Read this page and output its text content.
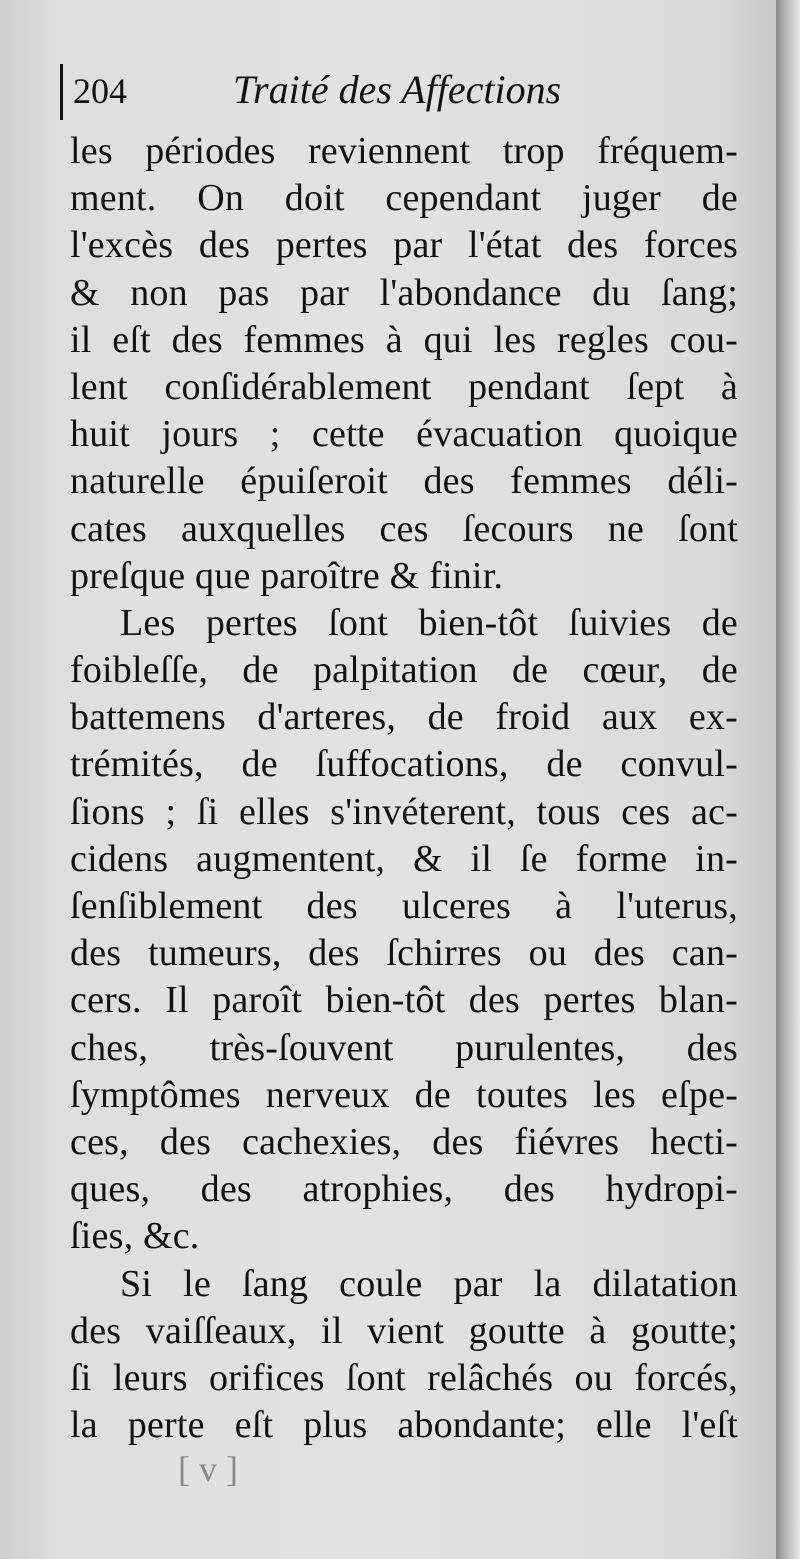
204	Traité des Affections
les périodes reviennent trop fréquem-
ment. On doit cependant juger de
l'excès des pertes par l'état des forces
& non pas par l'abondance du ſang;
il eſt des femmes à qui les regles cou-
lent conſidérablement pendant ſept à
huit jours ; cette évacuation quoique
naturelle épuiſeroit des femmes déli-
cates auxquelles ces ſecours ne ſont
preſque que paroître & finir.
Les pertes ſont bien-tôt ſuivies de
foibleſſe, de palpitation de cœur, de
battemens d'arteres, de froid aux ex-
trémités, de ſuffocations, de convul-
ſions ; ſi elles s'invéterent, tous ces ac-
cidens augmentent, & il ſe forme in-
ſenſiblement des ulceres à l'uterus,
des tumeurs, des ſchirres ou des can-
cers. Il paroît bien-tôt des pertes blan-
ches, très-ſouvent purulentes, des
ſymptômes nerveux de toutes les eſpe-
ces, des cachexies, des fiévres hecti-
ques, des atrophies, des hydropi-
ſies, &c.
Si le ſang coule par la dilatation
des vaiſſeaux, il vient goutte à goutte;
ſi leurs orifices ſont relâchés ou forcés,
la perte eſt plus abondante; elle l'eſt
[ v ]
